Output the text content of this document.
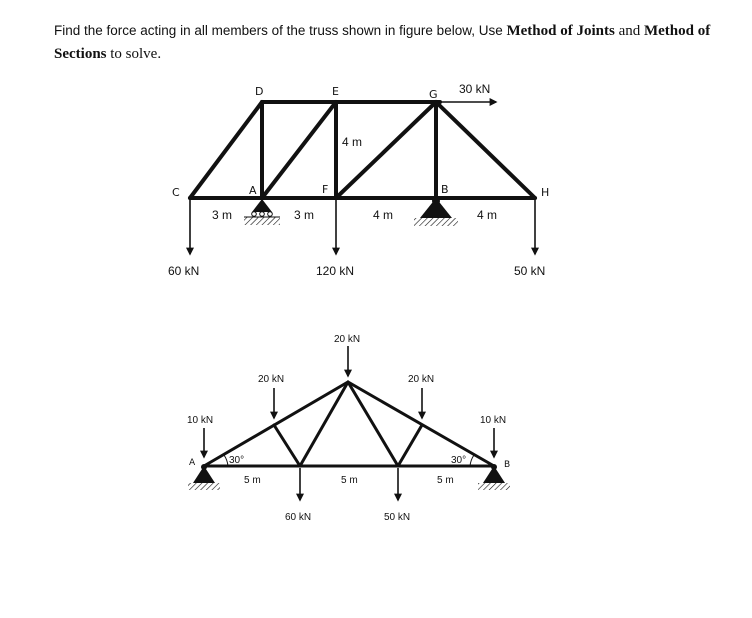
Find the force acting in all members of the truss shown in figure below, Use Method of Joints and Method of
Sections to solve.
C	A
D	E
F
G
B	H
3 m	3 m	4 m	4 m
4 m
60 kN	120 kN	50 kN
30 kN
A	B
30°	30°
5 m	5 m	5 m
10 kN
20 kN
20 kN
20 kN
10 kN
60 kN	50 kN
